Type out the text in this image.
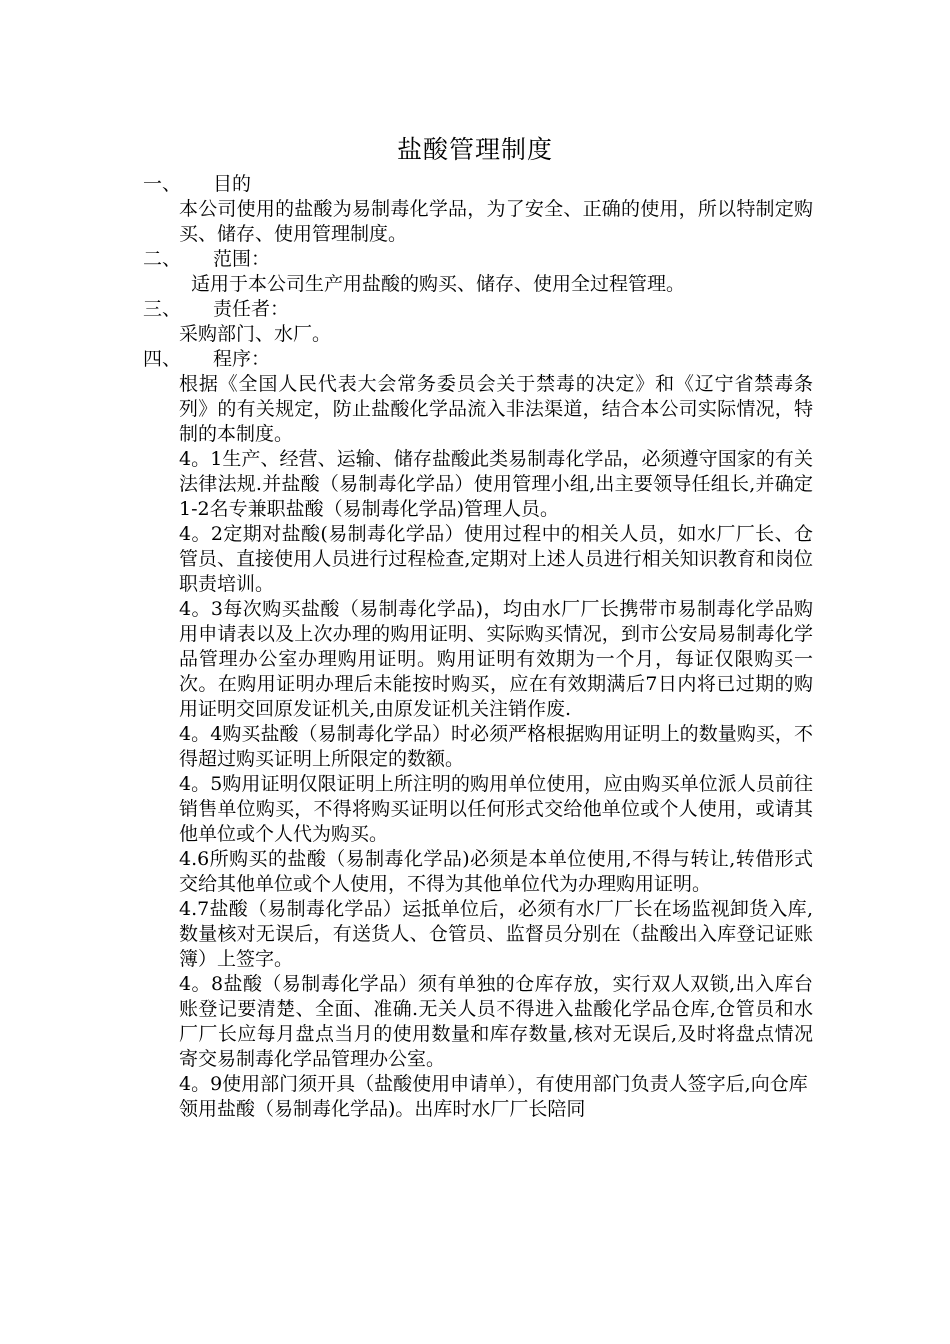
盐酸管理制度
一、 目的
本公司使用的盐酸为易制毒化学品，为了安全、正确的使用，所以特制定购买、储存、使用管理制度。
二、 范围：
适用于本公司生产用盐酸的购买、储存、使用全过程管理。
三、 责任者：
采购部门、水厂。
四、 程序：
根据《全国人民代表大会常务委员会关于禁毒的决定》和《辽宁省禁毒条列》的有关规定，防止盐酸化学品流入非法渠道，结合本公司实际情况，特制的本制度。
4。1生产、经营、运输、储存盐酸此类易制毒化学品，必须遵守国家的有关法律法规.并盐酸（易制毒化学品）使用管理小组,出主要领导任组长,并确定1-2名专兼职盐酸（易制毒化学品)管理人员。
4。2定期对盐酸(易制毒化学品）使用过程中的相关人员，如水厂厂长、仓管员、直接使用人员进行过程检查,定期对上述人员进行相关知识教育和岗位职责培训。
4。3每次购买盐酸（易制毒化学品)，均由水厂厂长携带市易制毒化学品购用申请表以及上次办理的购用证明、实际购买情况，到市公安局易制毒化学品管理办公室办理购用证明。购用证明有效期为一个月，每证仅限购买一次。在购用证明办理后未能按时购买，应在有效期满后7日内将已过期的购用证明交回原发证机关,由原发证机关注销作废.
4。4购买盐酸（易制毒化学品）时必须严格根据购用证明上的数量购买，不得超过购买证明上所限定的数额。
4。5购用证明仅限证明上所注明的购用单位使用，应由购买单位派人员前往销售单位购买，不得将购买证明以任何形式交给他单位或个人使用，或请其他单位或个人代为购买。
4.6所购买的盐酸（易制毒化学品)必须是本单位使用,不得与转让,转借形式交给其他单位或个人使用，不得为其他单位代为办理购用证明。
4.7盐酸（易制毒化学品）运抵单位后，必须有水厂厂长在场监视卸货入库,数量核对无误后，有送货人、仓管员、监督员分别在（盐酸出入库登记证账簿）上签字。
4。8盐酸（易制毒化学品）须有单独的仓库存放，实行双人双锁,出入库台账登记要清楚、全面、准确.无关人员不得进入盐酸化学品仓库,仓管员和水厂厂长应每月盘点当月的使用数量和库存数量,核对无误后,及时将盘点情况寄交易制毒化学品管理办公室。
4。9使用部门须开具（盐酸使用申请单），有使用部门负责人签字后,向仓库领用盐酸（易制毒化学品)。出库时水厂厂长陪同
